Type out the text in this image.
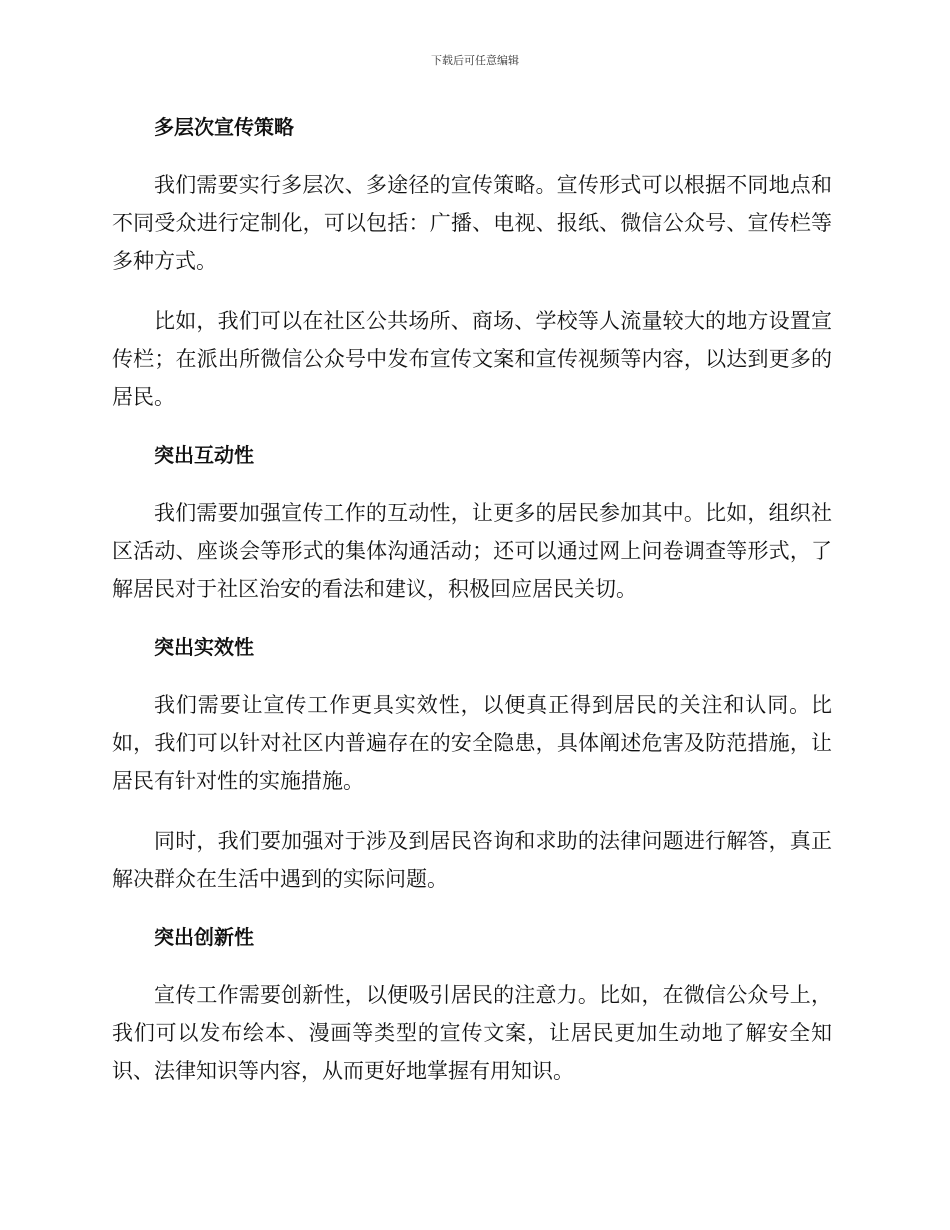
下载后可任意编辑
多层次宣传策略

我们需要实行多层次、多途径的宣传策略。宣传形式可以根据不同地点和不同受众进行定制化，可以包括：广播、电视、报纸、微信公众号、宣传栏等多种方式。

比如，我们可以在社区公共场所、商场、学校等人流量较大的地方设置宣传栏；在派出所微信公众号中发布宣传文案和宣传视频等内容，以达到更多的居民。

突出互动性

我们需要加强宣传工作的互动性，让更多的居民参加其中。比如，组织社区活动、座谈会等形式的集体沟通活动；还可以通过网上问卷调查等形式，了解居民对于社区治安的看法和建议，积极回应居民关切。

突出实效性

我们需要让宣传工作更具实效性，以便真正得到居民的关注和认同。比如，我们可以针对社区内普遍存在的安全隐患，具体阐述危害及防范措施，让居民有针对性的实施措施。

同时，我们要加强对于涉及到居民咨询和求助的法律问题进行解答，真正解决群众在生活中遇到的实际问题。

突出创新性

宣传工作需要创新性，以便吸引居民的注意力。比如，在微信公众号上，我们可以发布绘本、漫画等类型的宣传文案，让居民更加生动地了解安全知识、法律知识等内容，从而更好地掌握有用知识。
